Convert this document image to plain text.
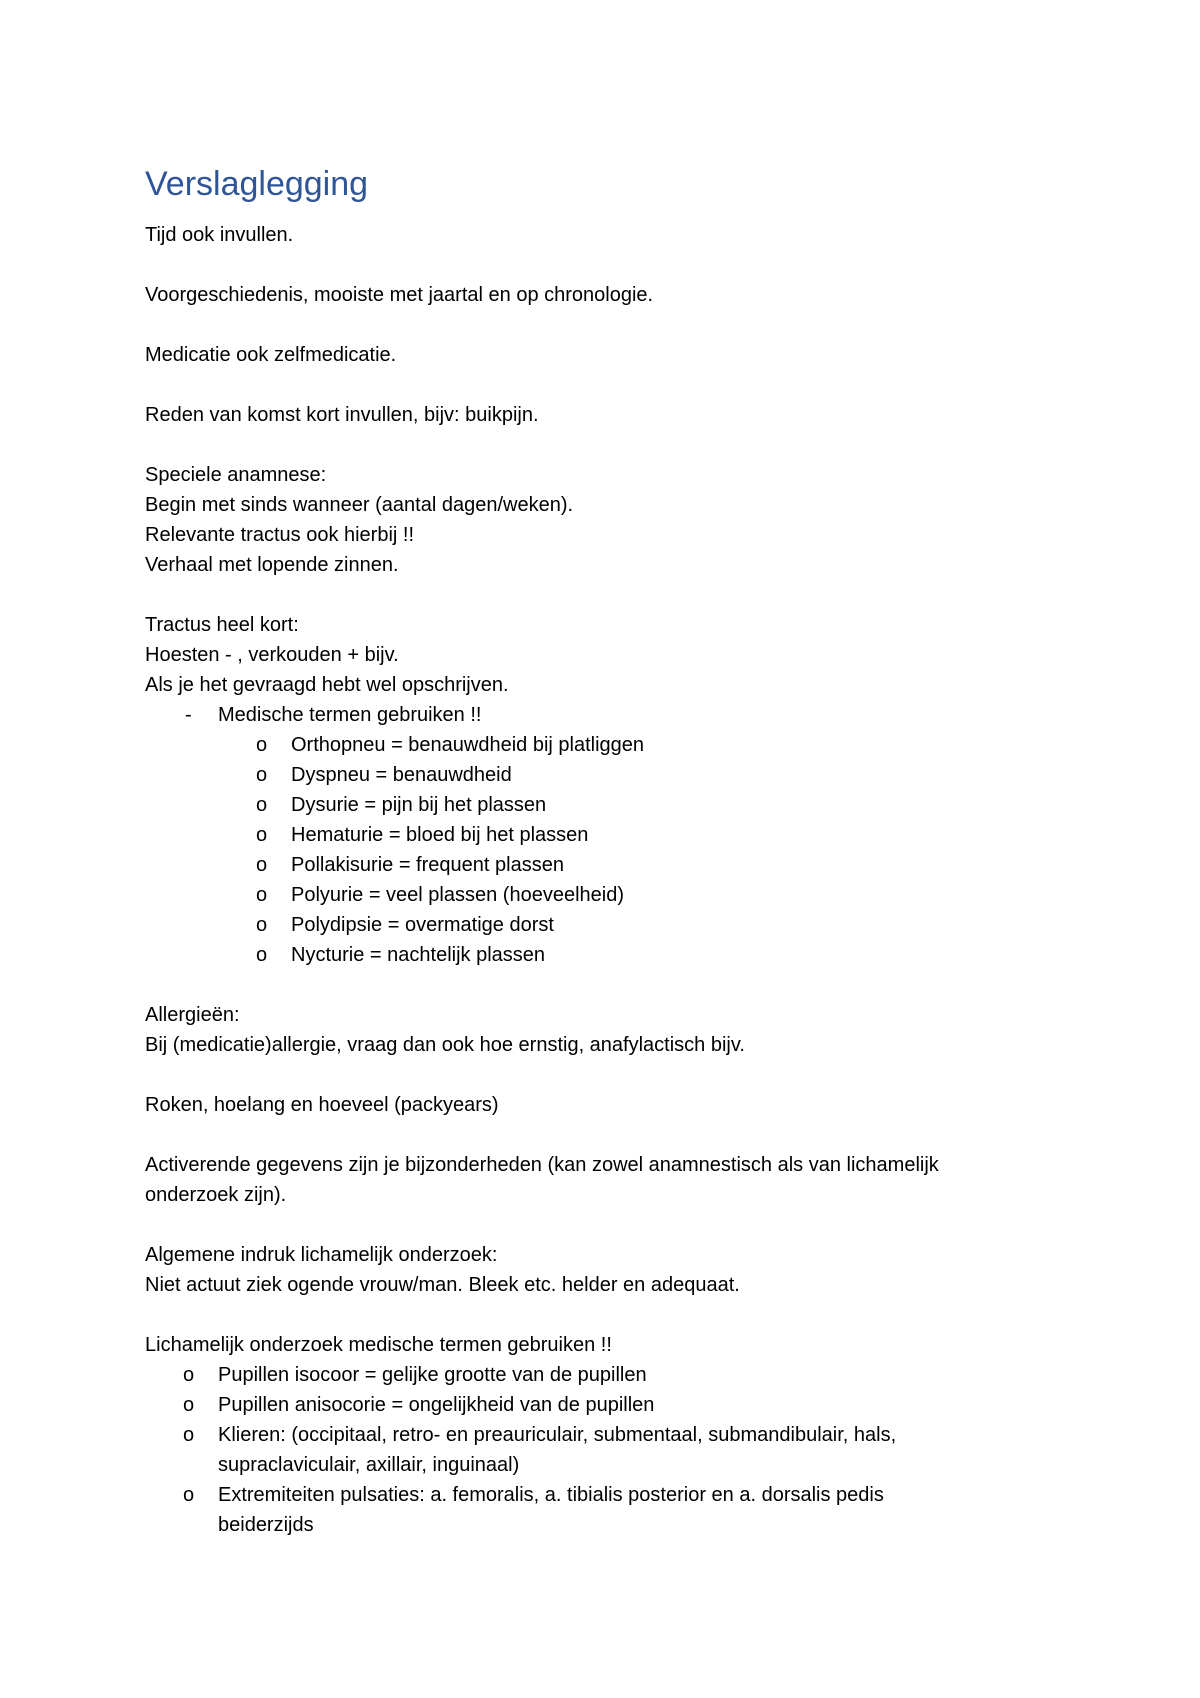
Verslaglegging

Tijd ook invullen.

Voorgeschiedenis, mooiste met jaartal en op chronologie.

Medicatie ook zelfmedicatie.

Reden van komst kort invullen, bijv: buikpijn.

Speciele anamnese:
Begin met sinds wanneer (aantal dagen/weken).
Relevante tractus ook hierbij !!
Verhaal met lopende zinnen.
Tractus heel kort:
Hoesten - , verkouden + bijv.
Als je het gevraagd hebt wel opschrijven.
- Medische termen gebruiken !!
o Orthopneu = benauwdheid bij platliggen
o Dyspneu = benauwdheid
o Dysurie = pijn bij het plassen
o Hematurie = bloed bij het plassen
o Pollakisurie = frequent plassen
o Polyurie = veel plassen (hoeveelheid)
o Polydipsie = overmatige dorst
o Nycturie = nachtelijk plassen
Allergieën:
Bij (medicatie)allergie, vraag dan ook hoe ernstig, anafylactisch bijv.

Roken, hoelang en hoeveel (packyears)

Activerende gegevens zijn je bijzonderheden (kan zowel anamnestisch als van lichamelijk
onderzoek zijn).
Algemene indruk lichamelijk onderzoek:
Niet actuut ziek ogende vrouw/man. Bleek etc. helder en adequaat.
Lichamelijk onderzoek medische termen gebruiken !!
o Pupillen isocoor = gelijke grootte van de pupillen
o Pupillen anisocorie = ongelijkheid van de pupillen
o Klieren: (occipitaal, retro- en preauriculair, submentaal, submandibulair, hals,
supraclaviculair, axillair, inguinaal)
o Extremiteiten pulsaties: a. femoralis, a. tibialis posterior en a. dorsalis pedis
beiderzijds
